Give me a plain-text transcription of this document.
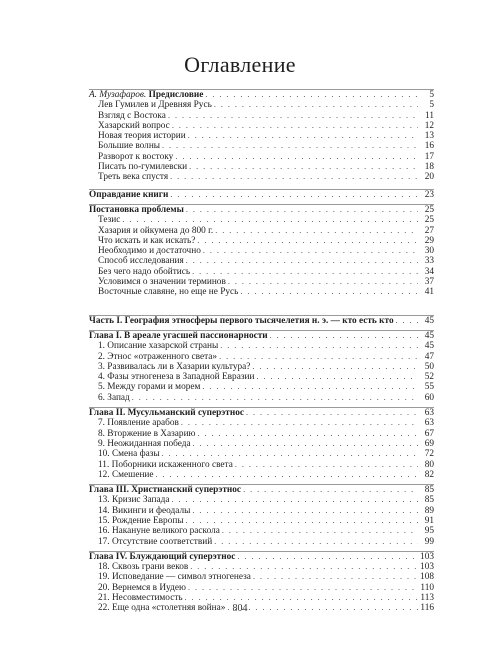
Оглавление
А. Музафаров. Предисловие . . .	5
Лев Гумилев и Древняя Русь . . .	5
Взгляд с Востока . . .	11
Хазарский вопрос . . .	12
Новая теория истории . . .	13
Большие волны . . .	16
Разворот к востоку . . .	17
Писать по-гумилевски . . .	18
Треть века спустя . . .	20
Оправдание книги . . .	23
Постановка проблемы . . .	25
Тезис . . .	25
Хазария и ойкумена до 800 г. . . .	27
Что искать и как искать? . . .	29
Необходимо и достаточно . . .	30
Способ исследования . . .	33
Без чего надо обойтись . . .	34
Условимся о значении терминов . . .	37
Восточные славяне, но еще не Русь . . .	41
Часть I. География этносферы первого тысячелетия н. э. — кто есть кто . . .	45
Глава I. В ареале угасшей пассионарности . . .	45
1. Описание хазарской страны . . .	45
2. Этнос «отраженного света» . . .	47
3. Развивалась ли в Хазарии культура? . . .	50
4. Фазы этногенеза в Западной Евразии . . .	52
5. Между горами и морем . . .	55
6. Запад . . .	60
Глава II. Мусульманский суперэтнос . . .	63
7. Появление арабов . . .	63
8. Вторжение в Хазарию . . .	67
9. Неожиданная победа . . .	69
10. Смена фазы . . .	72
11. Поборники искаженного света . . .	80
12. Смешение . . .	82
Глава III. Христианский суперэтнос . . .	85
13. Кризис Запада . . .	85
14. Викинги и феодалы . . .	89
15. Рождение Европы . . .	91
16. Накануне великого раскола . . .	95
17. Отсутствие соответствий . . .	99
Глава IV. Блуждающий суперэтнос . . .	103
18. Сквозь грани веков . . .	103
19. Исповедание — символ этногенеза . . .	108
20. Вернемся в Иудею . . .	110
21. Несовместимость . . .	113
22. Еще одна «столетняя война» . . .	116
804
